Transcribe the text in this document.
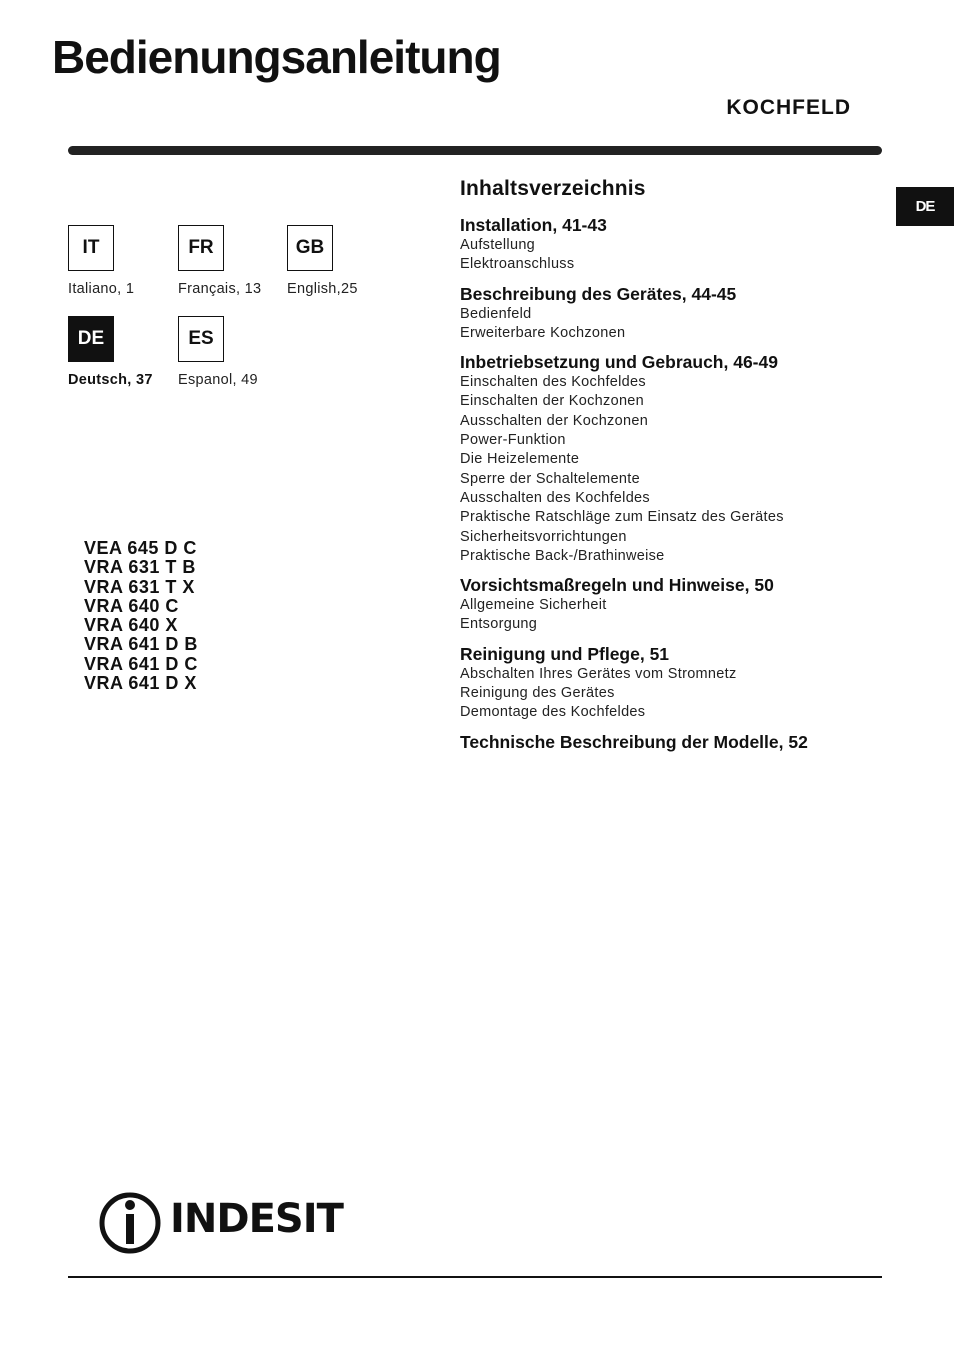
Bedienungsanleitung
KOCHFELD
DE
IT
Italiano, 1
FR
Français, 13
GB
English,25
DE
Deutsch, 37
ES
Espanol, 49
VEA 645 D C
VRA 631 T B
VRA 631 T X
VRA 640 C
VRA 640 X
VRA 641 D B
VRA 641 D C
VRA 641 D X
Inhaltsverzeichnis
Installation, 41-43
Aufstellung
Elektroanschluss
Beschreibung des Gerätes, 44-45
Bedienfeld
Erweiterbare Kochzonen
Inbetriebsetzung und Gebrauch, 46-49
Einschalten des Kochfeldes
Einschalten der Kochzonen
Ausschalten der Kochzonen
Power-Funktion
Die Heizelemente
Sperre der Schaltelemente
Ausschalten des Kochfeldes
Praktische Ratschläge zum Einsatz des Gerätes
Sicherheitsvorrichtungen
Praktische Back-/Brathinweise
Vorsichtsmaßregeln und Hinweise, 50
Allgemeine Sicherheit
Entsorgung
Reinigung und Pflege, 51
Abschalten Ihres Gerätes vom Stromnetz
Reinigung des Gerätes
Demontage des Kochfeldes
Technische Beschreibung der Modelle, 52
INDESIT
